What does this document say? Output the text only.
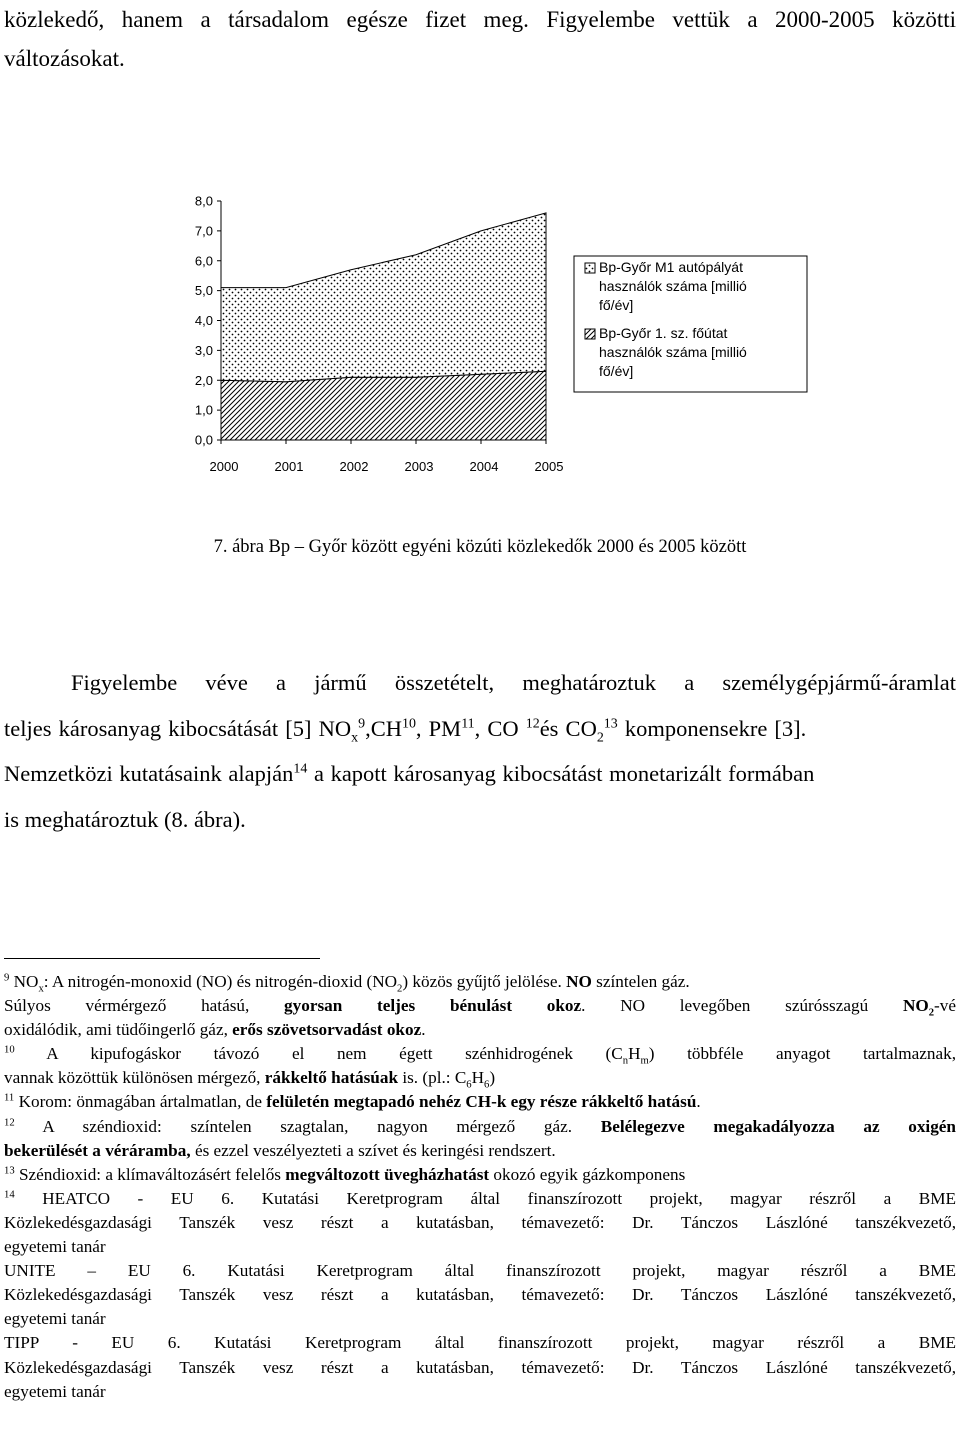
közlekedő, hanem a társadalom egésze fizet meg. Figyelembe vettük a 2000-2005 közötti
változásokat.
0,0
1,0
2,0
3,0
4,0
5,0
6,0
7,0
8,0
2000	2001	2002	2003	2004	2005
Bp-Győr M1 autópályát
használók száma [millió
fő/év]
Bp-Győr 1. sz. főútat
használók száma [millió
fő/év]
7. ábra Bp – Győr között egyéni közúti közlekedők 2000 és 2005 között
Figyelembe véve a jármű összetételt, meghatároztuk a személygépjármű-áramlat
teljes károsanyag kibocsátását [5] $NO_x^9,CH^{10}$, PM$^{11}$, CO $^{12}$és $CO_2^{13}$ komponensekre [3].
Nemzetközi kutatásaink alapján$^{14}$ a kapott károsanyag kibocsátást monetarizált formában
is meghatároztuk (8. ábra).
$^9$ $NO_x$: A nitrogén-monoxid (NO) és nitrogén-dioxid $(NO_2)$ közös gyűjtő jelölése. NO színtelen gáz.
Súlyos vérmérgező hatású, gyorsan teljes bénulást okoz. NO levegőben szúrósszagú $NO_2-vé$
oxidálódik, ami tüdőingerlő gáz, erős szövetsorvadást okoz.
$^{10}$ A kipufogáskor távozó el nem égett szénhidrogének $(C_nH_m)$ többféle anyagot tartalmaznak,
vannak közöttük különösen mérgező, rákkeltő hatásúak is. (pl.: $C_6H_6$)
$^{11}$ Korom: önmagában ártalmatlan, de felületén megtapadó nehéz CH-k egy része rákkeltő hatású.
$^{12}$ A széndioxid: színtelen szagtalan, nagyon mérgező gáz. Belélegezve megakadályozza az oxigén
bekerülését a véráramba, és ezzel veszélyezteti a szívet és keringési rendszert.
$^{13}$ Széndioxid: a klímaváltozásért felelős megváltozott üvegházhatást okozó egyik gázkomponens
$^{14}$ HEATCO - EU 6. Kutatási Keretprogram által finanszírozott projekt, magyar részről a BME
Közlekedésgazdasági Tanszék vesz részt a kutatásban, témavezető: Dr. Tánczos Lászlóné tanszékvezető,
egyetemi tanár
UNITE – EU 6. Kutatási Keretprogram által finanszírozott projekt, magyar részről a BME
Közlekedésgazdasági Tanszék vesz részt a kutatásban, témavezető: Dr. Tánczos Lászlóné tanszékvezető,
egyetemi tanár
TIPP - EU 6. Kutatási Keretprogram által finanszírozott projekt, magyar részről a BME
Közlekedésgazdasági Tanszék vesz részt a kutatásban, témavezető: Dr. Tánczos Lászlóné tanszékvezető,
egyetemi tanár
